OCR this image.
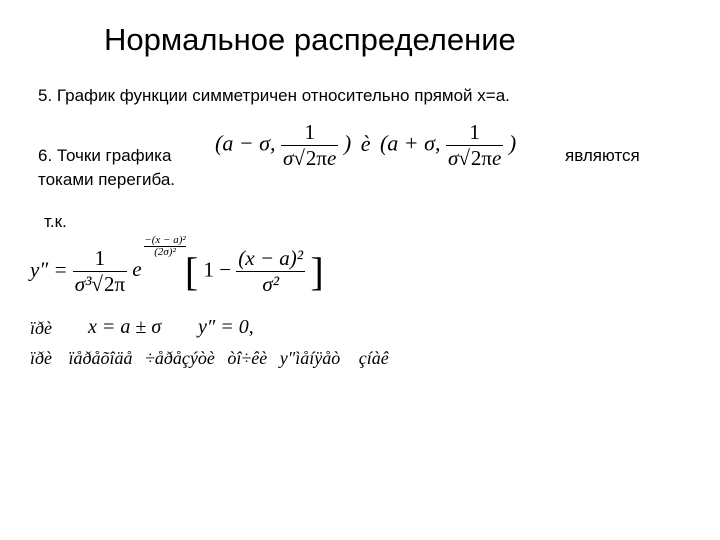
Нормальное распределение
5. График функции симметричен относительно прямой x=a.
6. Точки графика
токами перегиба.
являются
(a − σ, $\frac{1}{\sigma√2\pi e}$ ) è (a + σ, $\frac{1}{\sigma√2\pi e}$ )
т.к.
$y'' = \frac{1}{\text{σ³√2π}}$ e
−(x − a)²
(2σ)² [ $1 - \frac{\text{(x − a)²}}{\text{σ²}}$ ]
ïðè x = a ± σ y″ = 0,
ïðè ïåðåõîäå ÷åðåçýòè òî÷êè y″ìåíÿåò çíàê
